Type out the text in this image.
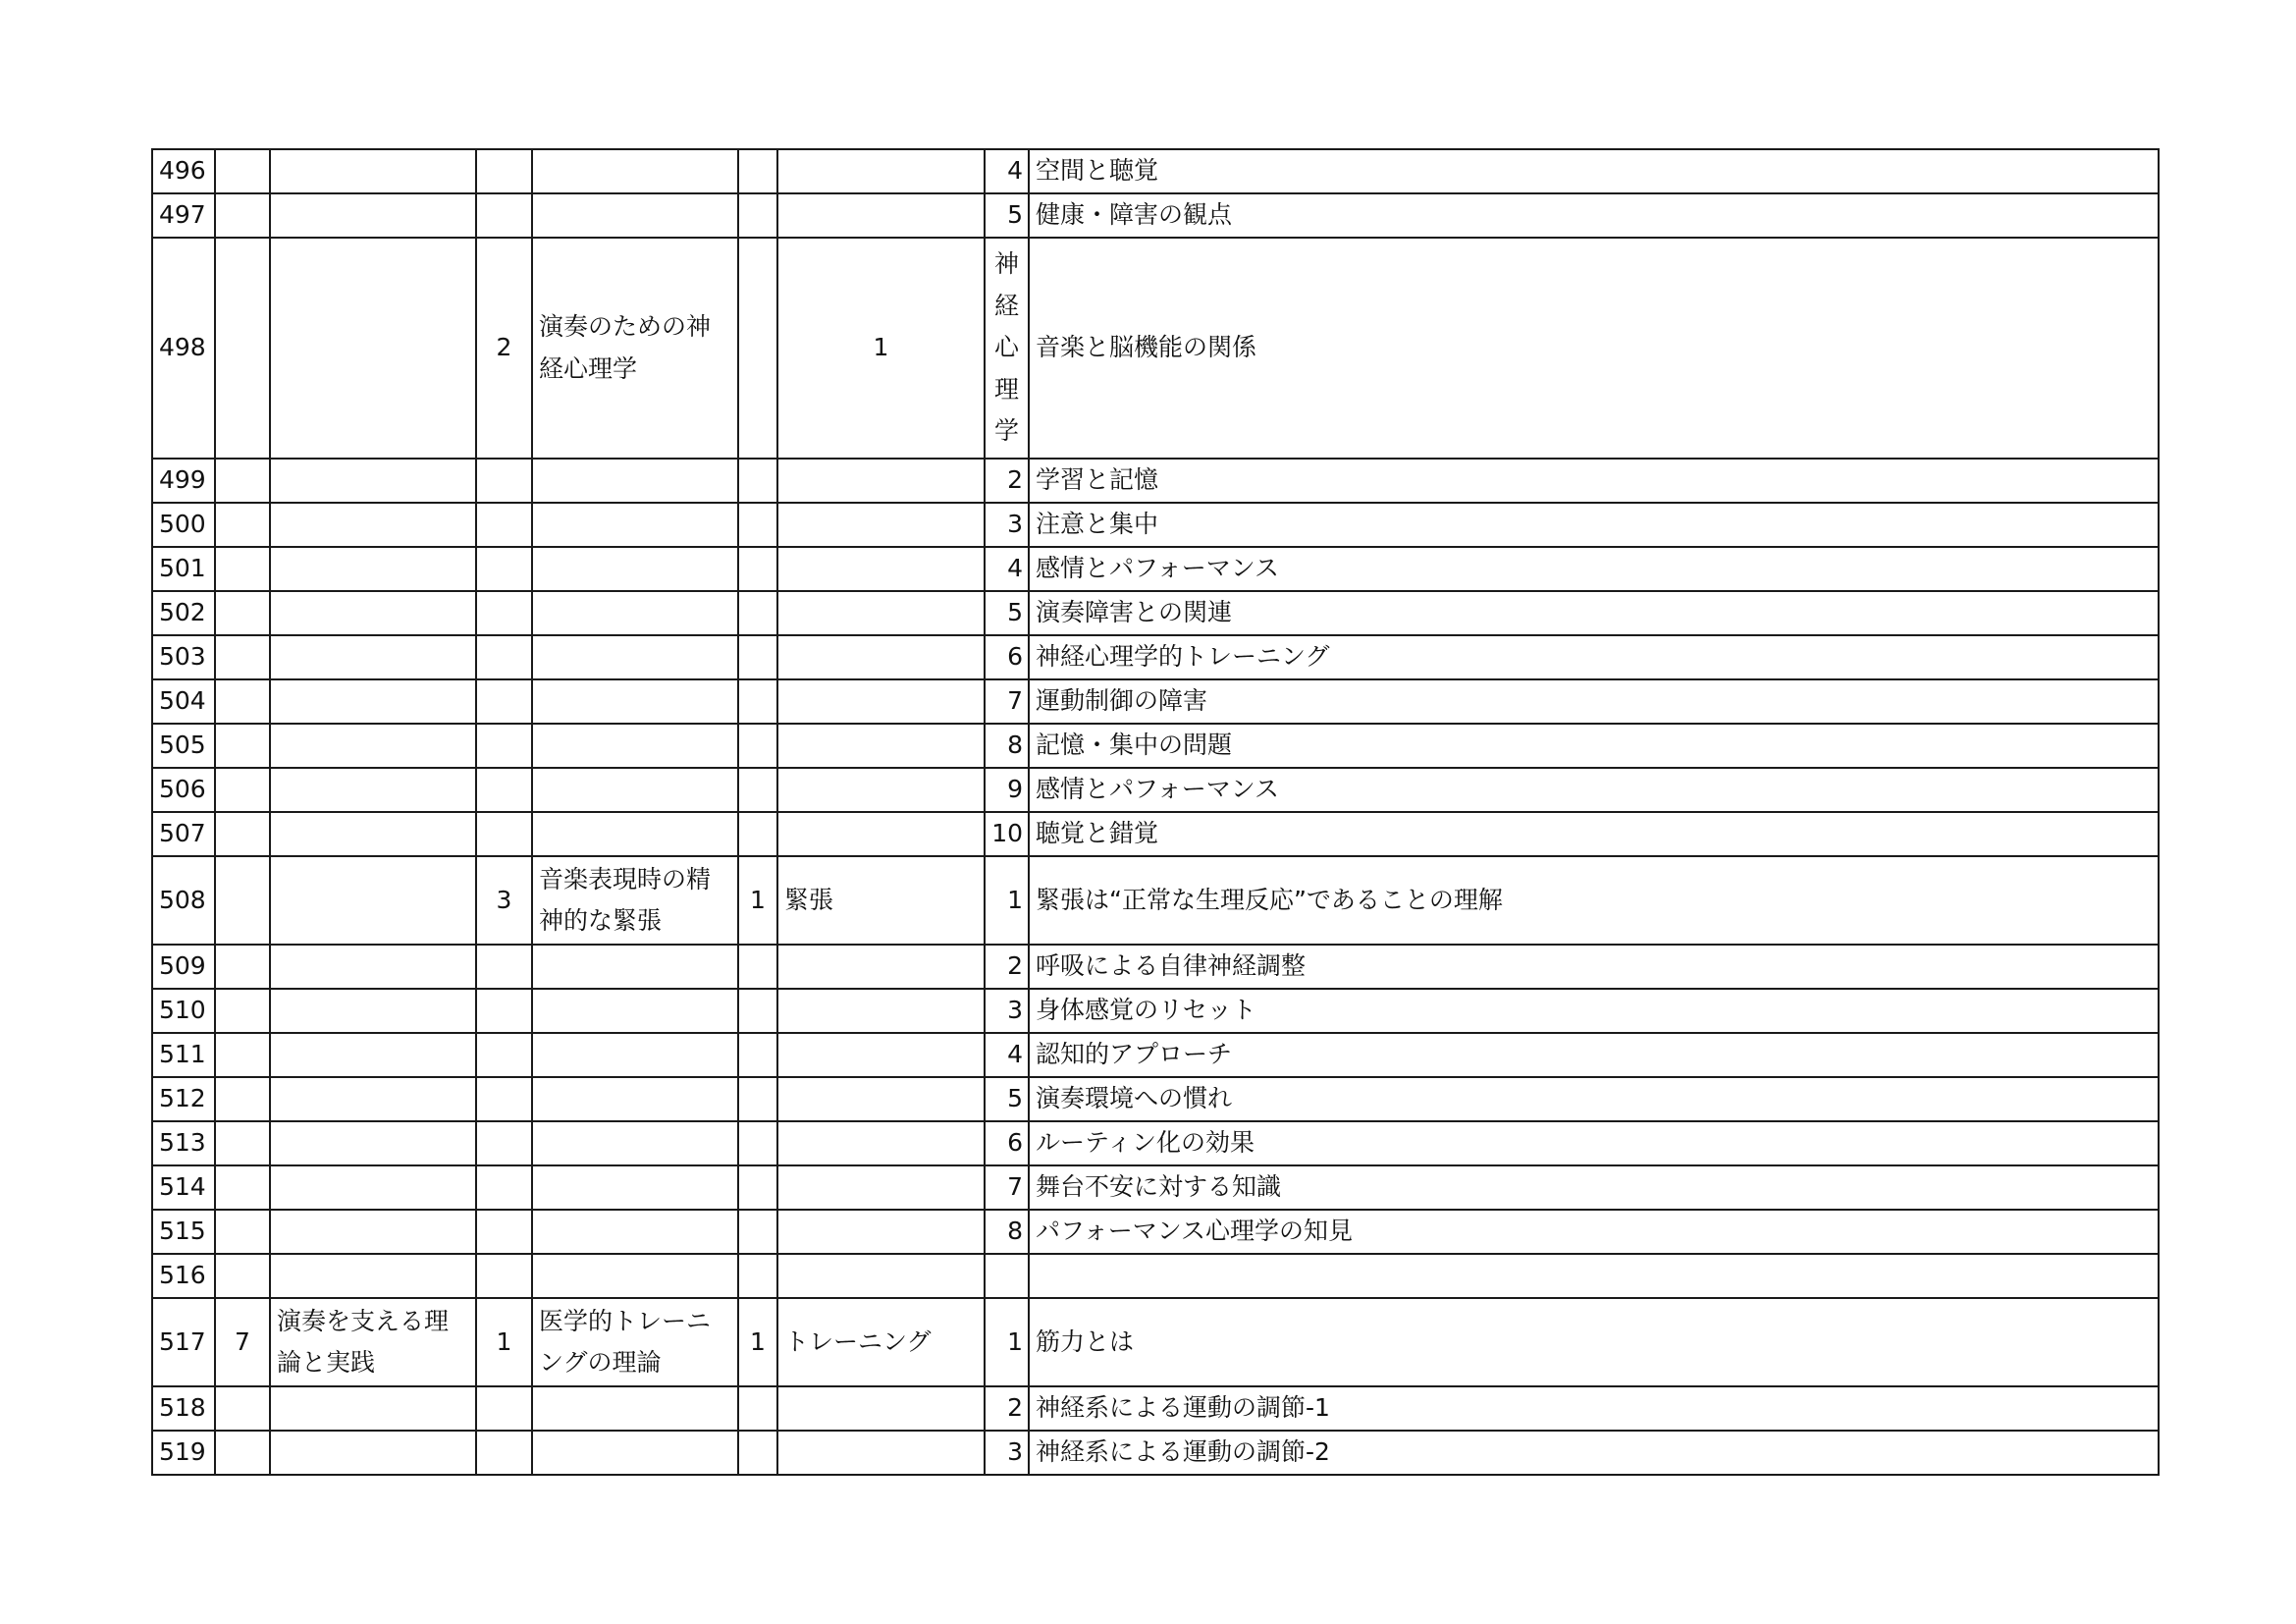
496							4	空間と聴覚
497							5	健康・障害の観点
498			2	演奏のための神経心理学		1	神
経
心
理
学	音楽と脳機能の関係
499							2	学習と記憶
500							3	注意と集中
501							4	感情とパフォーマンス
502							5	演奏障害との関連
503							6	神経心理学的トレーニング
504							7	運動制御の障害
505							8	記憶・集中の問題
506							9	感情とパフォーマンス
507							10	聴覚と錯覚
508			3	音楽表現時の精神的な緊張	1	緊張	1	緊張は“正常な生理反応”であることの理解
509							2	呼吸による自律神経調整
510							3	身体感覚のリセット
511							4	認知的アプローチ
512							5	演奏環境への慣れ
513							6	ルーティン化の効果
514							7	舞台不安に対する知識
515							8	パフォーマンス心理学の知見
516								
517	7	演奏を支える理論と実践	1	医学的トレーニングの理論	1	トレーニング	1	筋力とは
518							2	神経系による運動の調節-1
519							3	神経系による運動の調節-2
